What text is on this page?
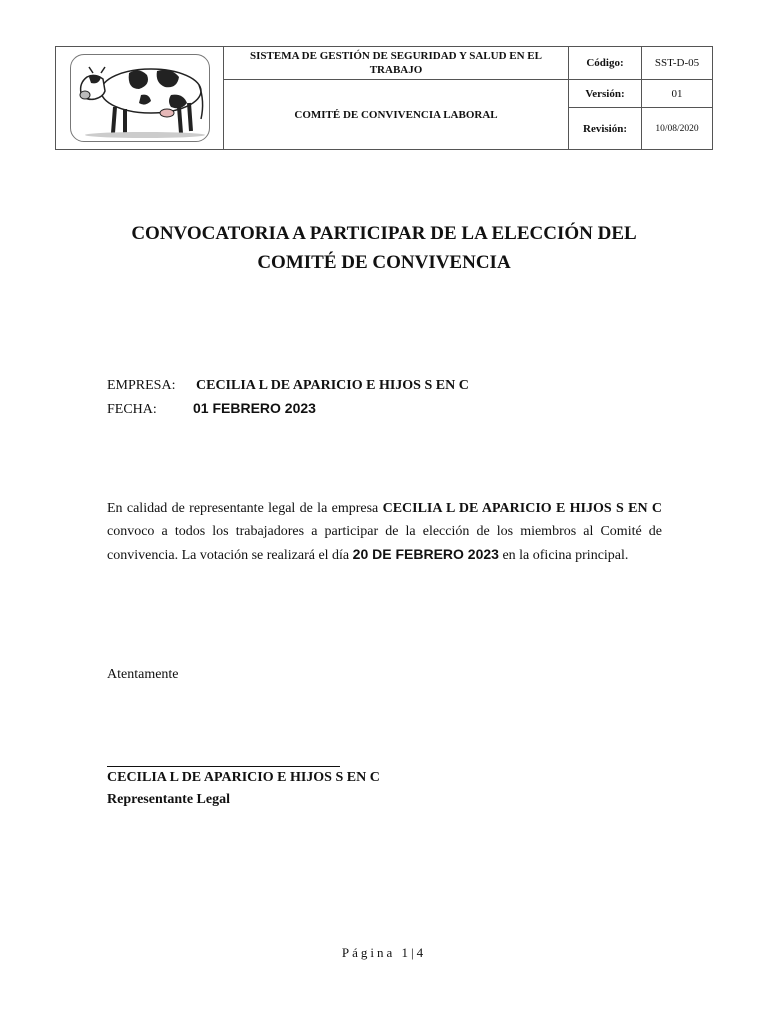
	SISTEMA DE GESTIÓN DE SEGURIDAD Y SALUD EN EL TRABAJO	Código:	SST-D-05
	COMITÉ DE CONVIVENCIA LABORAL	Versión:	01
		Revisión:	10/08/2020
CONVOCATORIA A PARTICIPAR DE LA ELECCIÓN DEL
COMITÉ DE CONVIVENCIA
EMPRESA: CECILIA L DE APARICIO E HIJOS S EN C
FECHA:	01 FEBRERO 2023
En calidad de representante legal de la empresa CECILIA L DE APARICIO E HIJOS S EN C convoco a todos los trabajadores a participar de la elección de los miembros al Comité de convivencia. La votación se realizará el día 20 DE FEBRERO 2023 en la oficina principal.
Atentamente
CECILIA L DE APARICIO E HIJOS S EN C
Representante Legal
Página 1|4
